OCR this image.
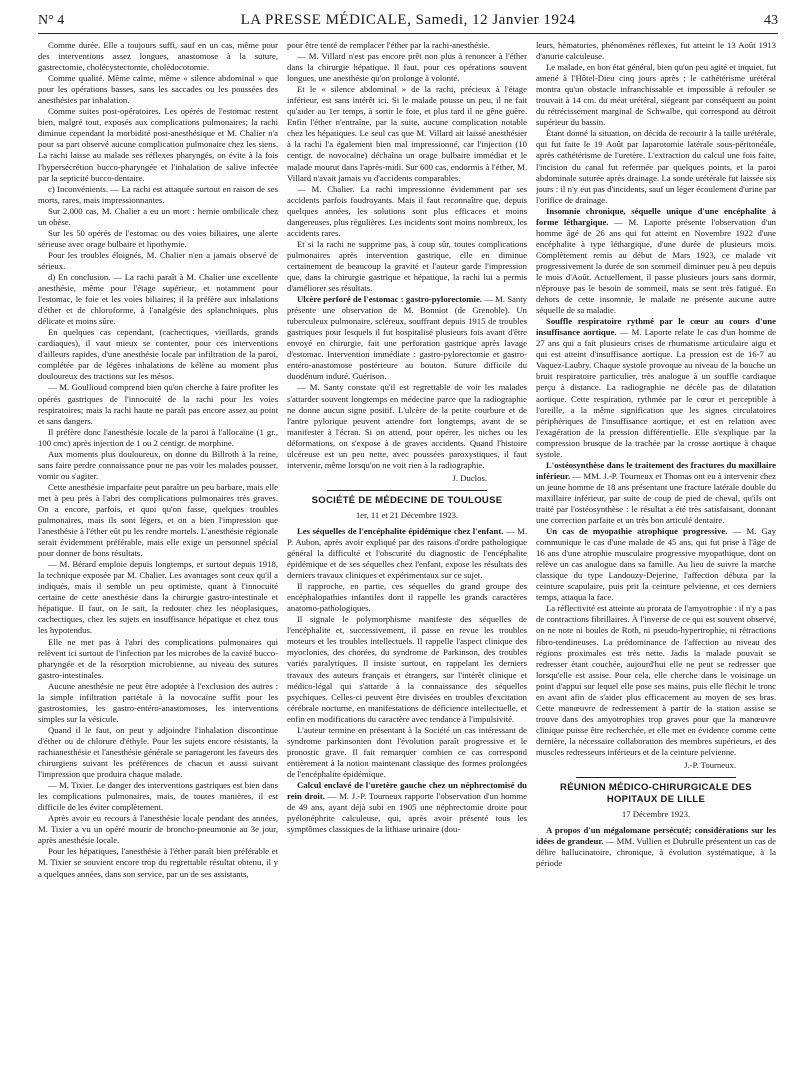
N° 4	LA PRESSE MÉDICALE, Samedi, 12 Janvier 1924	43

Comme durée. Elle a toujours suffi, sauf en un cas, même pour des interventions assez longues, anastomose à la suture, gastrectomie, cholécystectomie, cholédocotomie.

Comme qualité. Même calme, même « silence abdominal » que pour les opérations basses, sans les saccades ou les poussées des anesthésies par inhalation.

Comme suites post-opératoires. Les opérés de l'estomac restent bien, malgré tout, exposés aux complications pulmonaires; la rachi diminue cependant la morbidité post-anesthésique et M. Chalier n'a pour sa part observé aucune complication pulmonaire chez les siens. La rachi laisse au malade ses réflexes pharyngés, on évite à la fois l'hypersécrétion bucco-pharyngée et l'inhalation de salive infectée par la septicité bucco-dentaire.

c) Inconvénients. — La rachi est attaquée surtout en raison de ses morts, rares, mais impressionnantes.

Sur 2.000 cas, M. Chalier a eu un mort : hernie ombilicale chez un obèse.

Sur les 50 opérés de l'estomac ou des voies biliaires, une alerte sérieuse avec orage bulbaire et lipothymie.

Pour les troubles éloignés, M. Chalier n'en a jamais observé de sérieux.

d) En conclusion. — La rachi paraît à M. Chalier une excellente anesthésie, même pour l'étage supérieur, et notamment pour l'estomac, le foie et les voies biliaires; il la préfère aux inhalations d'éther et de chloroforme, à l'analgésie des splanchniques, plus délicate et moins sûre.

En quelques cas cependant, (cachectiques, vieillards, grands cardiaques), il vaut mieux se contenter, pour ces interventions d'ailleurs rapides, d'une anesthésie locale par infiltration de la paroi, complétée par de légères inhalations de kélène au moment plus douloureux des tractions sur les mésos.

— M. Goullioud comprend bien qu'on cherche à faire profiter les opérés gastriques de l'innocuité de la rachi pour les voies respiratoires; mais la rachi haute ne paraît pas encore assez au point et sans dangers.

Il préfère donc l'anesthésie locale de la paroi à l'allocaïne (1 gr., 100 cmc) après injection de 1 ou 2 centigr. de morphine.

Aux moments plus douloureux, on donne du Billroth à la reine, sans faire perdre connaissance pour ne pas voir les malades pousser, vomir ou s'agiter.

Cette anesthésie imparfaite peut paraître un peu barbare, mais elle met à peu près à l'abri des complications pulmonaires très graves. On a encore, parfois, et quoi qu'on fasse, quelques troubles pulmonaires, mais ils sont légers, et on a bien l'impression que l'anesthésie à l'éther eût pu les rendre mortels. L'anesthésie régionale serait évidemment préférable, mais elle exige un personnel spécial pour donner de bons résultats.

— M. Bérard emploie depuis longtemps, et surtout depuis 1918, la technique exposée par M. Chalier. Les avantages sont ceux qu'il a indiqués, mais il semble un peu optimiste, quant à l'innocuité certaine de cette anesthésie dans la chirurgie gastro-intestinale et hépatique. Il faut, on le sait, la redouter chez les néoplasiques, cachectiques, chez les sujets en insuffisance hépatique et chez tous les hypotendus.

Elle ne met pas à l'abri des complications pulmonaires qui relèvent ici surtout de l'infection par les microbes de la cavité bucco-pharyngée et de la résorption microbienne, au niveau des sutures gastro-intestinales.

Aucune anesthésie ne peut être adoptée à l'exclusion des autres : la simple infiltration pariétale à la novocaïne suffit pour les gastrostomies, les gastro-entéro-anastomoses, les interventions simples sur la vésicule.

Quand il le faut, on peut y adjoindre l'inhalation discontinue d'éther ou de chlorure d'éthyle. Pour les sujets encore résistants, la rachianesthésie et l'anesthésie générale se partageront les faveurs des chirurgiens suivant les préférences de chacun et aussi suivant l'impression que produira chaque malade.

— M. Tixier. Le danger des interventions gastriques est bien dans les complications pulmonaires, mais, de toutes manières, il est difficile de les éviter complètement.

Après avoir eu recours à l'anesthésie locale pendant des années, M. Tixier a vu un opéré mourir de broncho-pneumonie au 3e jour, après anesthésie locale.

Pour les hépatiques, l'anesthésie à l'éther paraît bien préférable et M. Tixier se souvient encore trop du regrettable résultat obtenu, il y a quelques années, dans son service, par un de ses assistants,

pour être tenté de remplacer l'éther par la rachi-anesthésie.

— M. Villard n'est pas encore prêt non plus à renoncer à l'éther dans la chirurgie hépatique. Il faut, pour ces opérations souvent longues, une anesthésie qu'on prolonge à volonté.

Et le « silence abdominal » de la rachi, précieux à l'étage inférieur, est sans intérêt ici. Si le malade pousse un peu, il ne fait qu'aider au 1er temps, à sortir le foie, et plus tard il ne gêne guère. Enfin l'éther n'entraîne, par la suite, aucune complication notable chez les hépatiques. Le seul cas que M. Villard ait laissé anesthésier à la rachi l'a également bien mal impressionné, car l'injection (10 centigr. de novocaïne) déchaîna un orage bulbaire immédiat et le malade mourut dans l'après-midi. Sur 600 cas, endormis à l'éther, M. Villard n'avait jamais vu d'accidents comparables.

— M. Chalier. La rachi impressionne évidemment par ses accidents parfois foudroyants. Mais il faut reconnaître que, depuis quelques années, les solutions sont plus efficaces et moins dangereuses, plus régulières. Les incidents sont moins nombreux, les accidents rares.

Et si la rachi ne supprime pas, à coup sûr, toutes complications pulmonaires après intervention gastrique, elle en diminue certainement de beaucoup la gravité et l'auteur garde l'impression que, dans la chirurgie gastrique et hépatique, la rachi lui a permis d'améliorer ses résultats.

Ulcère perforé de l'estomac : gastro-pylorectomie. — M. Santy présente une observation de M. Bonniot (de Grenoble). Un tuberculeux pulmonaire, scléreux, souffrant depuis 1915 de troubles gastriques pour lesquels il fut hospitalisé plusieurs fois avant d'être envoyé en chirurgie, fait une perforation gastrique après lavage d'estomac. Intervention immédiate : gastro-pylorectomie et gastro-entéro-anastomose postérieure au bouton. Suture difficile du duodénum induré. Guérison.

— M. Santy constate qu'il est regrettable de voir les malades s'attarder souvent longtemps en médecine parce que la radiographie ne donne aucun signe positif. L'ulcère de la petite courbure et de l'antre pylorique peuvent attendre fort longtemps, avant de se manifester à l'écran. Si on attend, pour opérer, les niches ou les déformations, on s'expose à de graves accidents. Quand l'histoire ulcéreuse est un peu nette, avec poussées paroxystiques, il faut intervenir, même lorsqu'on ne voit rien à la radiographie.

J. Duclos.

SOCIÉTÉ DE MÉDECINE DE TOULOUSE
1er, 11 et 21 Décembre 1923.

Les séquelles de l'encéphalite épidémique chez l'enfant. — M. P. Aubon, après avoir expliqué par des raisons d'ordre pathologique général la difficulté et l'obscurité du diagnostic de l'encéphalite épidémique et de ses séquelles chez l'enfant, expose les résultats des derniers travaux cliniques et expérimentaux sur ce sujet.

Il rapproche, en partie, ces séquelles du grand groupe des encéphalopathies infantiles dont il rappelle les grands caractères anatomo-pathologiques.

Il signale le polymorphisme manifeste des séquelles de l'encéphalite et, successivement, il passe en revue les troubles moteurs et les troubles intellectuels. Il rappelle l'aspect clinique des myoclonies, des chorées, du syndrome de Parkinson, des troubles variés paralytiques. Il insiste surtout, en rappelant les derniers travaux des auteurs français et étrangers, sur l'intérêt clinique et médico-légal qui s'attarde à la connaissance des séquelles psychiques. Celles-ci peuvent être divisées en troubles d'excitation cérébrale nocturne, en manifestations de déficience intellectuelle, et enfin en modifications du caractère avec tendance à l'impulsivité.

L'auteur termine en présentant à la Société un cas intéressant de syndrome parkinsonien dont l'évolution paraît progressive et le pronostic grave. Il fait remarquer combien ce cas correspond entièrement à la notion maintenant classique des formes prolongées de l'encéphalite épidémique.

Calcul enclavé de l'uretère gauche chez un néphrectomisé du rein droit. — M. J.-P. Tourneux rapporte l'observation d'un homme de 49 ans, ayant déjà subi en 1905 une néphrectomie droite pour pyélonéphrite calculeuse, qui, après avoir présenté tous les symptômes classiques de la lithiase urinaire (dou-

leurs, hématuries, phénomènes réflexes, fut atteint le 13 Août 1913 d'anurie calculeuse.

Le malade, en bon état général, bien qu'un peu agité et inquiet, fut amené à l'Hôtel-Dieu cinq jours après ; le cathétérisme urétéral montra qu'un obstacle infranchissable et impossible à refouler se trouvait à 14 cm. du méat urétéral, siégeant par conséquent au point du rétrécissement marginal de Schwalbe, qui correspond au détroit supérieur du bassin.

Étant donné la situation, on décida de recourir à la taille urétérale, qui fut faite le 19 Août par laparotomie latérale sous-péritonéale, après cathétérisme de l'uretère. L'extraction du calcul une fois faite, l'incision du canal fut refermée par quelques points, et la paroi abdominale suturée après drainage. La sonde urétérale fut laissée six jours : il n'y eut pas d'incidents, sauf un léger écoulement d'urine par l'orifice de drainage.

Insomnie chronique, séquelle unique d'une encéphalite à forme léthargique. — M. Laporte présente l'observation d'un homme âgé de 26 ans qui fut atteint en Novembre 1922 d'une encéphalite à type léthargique, d'une durée de plusieurs mois. Complètement remis au début de Mars 1923, ce malade vit progressivement la durée de son sommeil diminuer peu à peu depuis le mois d'Août. Actuellement, il passe plusieurs jours sans dormir, n'éprouve pas le besoin de sommeil, mais se sent très fatigué. En dehors de cette insomnie, le malade ne présente aucune autre séquelle de sa maladie.

Souffle respiratoire rythmé par le cœur au cours d'une insuffisance aortique. — M. Laporte relate le cas d'un homme de 27 ans qui a fait plusieurs crises de rhumatisme articulaire aigu et qui est atteint d'insuffisance aortique. La pression est de 16-7 au Vaquez-Laubry. Chaque systole provoque au niveau de la bouche un bruit respiratoire particulier, très analogue à un souffle cardiaque perçu à distance. La radiographie ne décèle pas de dilatation aortique. Cette respiration, rythmée par le cœur et perceptible à l'oreille, a la même signification que les signes circulatoires périphériques de l'insuffisance aortique, et est en relation avec l'exagération de la pression différentielle. Elle s'explique par la compression brusque de la trachée par la crosse aortique à chaque systole.

L'ostéosynthèse dans le traitement des fractures du maxillaire inférieur. — MM. J.-P. Tourneux et Thomas ont eu à intervenir chez un jeune homme de 18 ans présentant une fracture latérale double du maxillaire inférieur, par suite de coup de pied de cheval, qu'ils ont traité par l'ostéosynthèse : le résultat a été très satisfaisant, donnant une correction parfaite et un très bon articulé dentaire.

Un cas de myopathie atrophique progressive. — M. Gay communique le cas d'une malade de 45 ans, qui fut prise à l'âge de 16 ans d'une atrophie musculaire progressive myopathique, dont on relève un cas analogue dans sa famille. Au lieu de suivre la marche classique du type Landouzy-Dejerine, l'affection débuta par la ceinture scapulaire, puis prit la ceinture pelvienne, et ces derniers temps, attaqua la face.

La réflectivité est atteinte au prorata de l'amyotrophie : il n'y a pas de contractions fibrillaires. À l'inverse de ce qui est souvent observé, on ne note ni boules de Roth, ni pseudo-hypertrophie, ni rétractions fibro-tendineuses. La prédominance de l'affection au niveau des régions proximales est très nette. Jadis la malade pouvait se redresser étant couchée, aujourd'hui elle ne peut se redresser que lorsqu'elle est assise. Pour cela, elle cherche dans le voisinage un point d'appui sur lequel elle pose ses mains, puis elle fléchit le tronc en avant afin de s'aider plus efficacement au moyen de ses bras. Cette manœuvre de redressement à partir de la station assise se trouve dans des amyotrophies trop graves pour que la manœuvre clinique puisse être recherchée, et elle met en évidence comme cette dernière, la nécessaire collaboration des membres supérieurs, et des muscles redresseurs inférieurs et de la ceinture pelvienne.

J.-P. Tourneux.

RÉUNION MÉDICO-CHIRURGICALE DES HOPITAUX DE LILLE
17 Décembre 1923.

A propos d'un mégalomane persécuté; considérations sur les idées de grandeur. — MM. Vullien et Dubrulle présentent un cas de délire hallucinatoire, chronique, à évolution systématique, à la période
